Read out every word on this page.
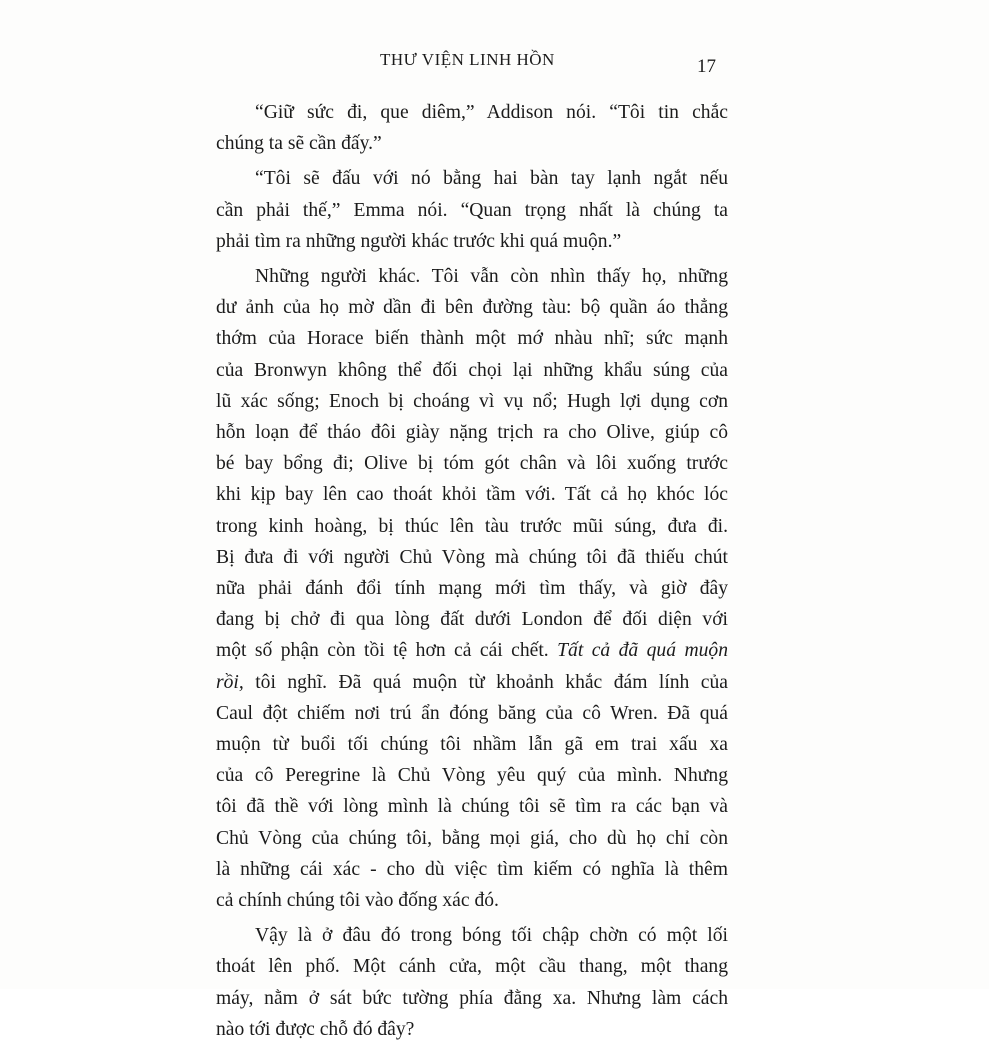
THƯ VIỆN LINH HỒN	17
“Giữ sức đi, que diêm,” Addison nói. “Tôi tin chắc
chúng ta sẽ cần đấy.”
“Tôi sẽ đấu với nó bằng hai bàn tay lạnh ngắt nếu
cần phải thế,” Emma nói. “Quan trọng nhất là chúng ta
phải tìm ra những người khác trước khi quá muộn.”
Những người khác. Tôi vẫn còn nhìn thấy họ, những
dư ảnh của họ mờ dần đi bên đường tàu: bộ quần áo thẳng
thớm của Horace biến thành một mớ nhàu nhĩ; sức mạnh
của Bronwyn không thể đối chọi lại những khẩu súng của
lũ xác sống; Enoch bị choáng vì vụ nổ; Hugh lợi dụng cơn
hỗn loạn để tháo đôi giày nặng trịch ra cho Olive, giúp cô
bé bay bổng đi; Olive bị tóm gót chân và lôi xuống trước
khi kịp bay lên cao thoát khỏi tầm với. Tất cả họ khóc lóc
trong kinh hoàng, bị thúc lên tàu trước mũi súng, đưa đi.
Bị đưa đi với người Chủ Vòng mà chúng tôi đã thiếu chút
nữa phải đánh đổi tính mạng mới tìm thấy, và giờ đây
đang bị chở đi qua lòng đất dưới London để đối diện với
một số phận còn tồi tệ hơn cả cái chết. Tất cả đã quá muộn
rồi, tôi nghĩ. Đã quá muộn từ khoảnh khắc đám lính của
Caul đột chiếm nơi trú ẩn đóng băng của cô Wren. Đã quá
muộn từ buổi tối chúng tôi nhầm lẫn gã em trai xấu xa
của cô Peregrine là Chủ Vòng yêu quý của mình. Nhưng
tôi đã thề với lòng mình là chúng tôi sẽ tìm ra các bạn và
Chủ Vòng của chúng tôi, bằng mọi giá, cho dù họ chỉ còn
là những cái xác - cho dù việc tìm kiếm có nghĩa là thêm
cả chính chúng tôi vào đống xác đó.
Vậy là ở đâu đó trong bóng tối chập chờn có một lối
thoát lên phố. Một cánh cửa, một cầu thang, một thang
máy, nằm ở sát bức tường phía đằng xa. Nhưng làm cách
nào tới được chỗ đó đây?
